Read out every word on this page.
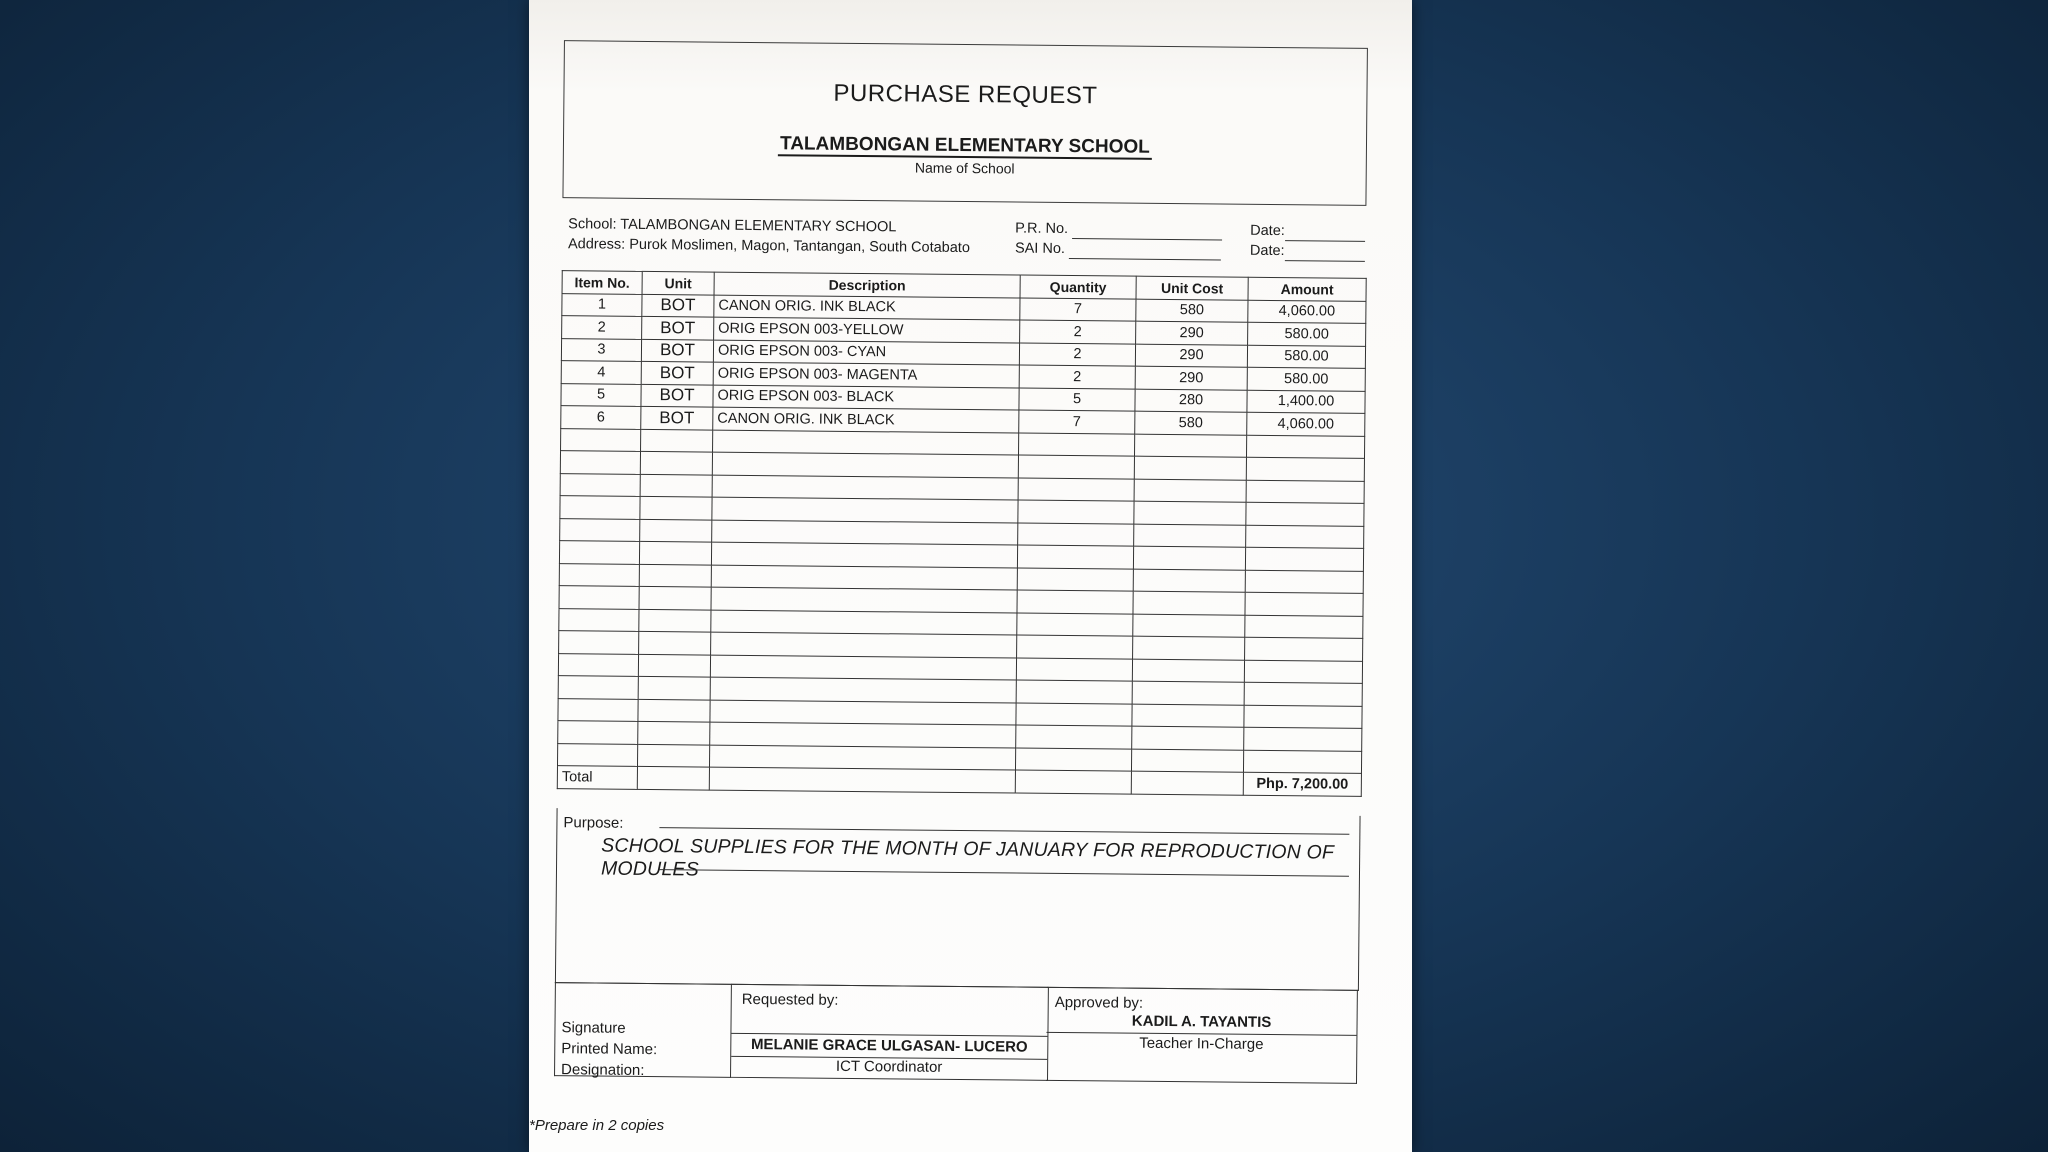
PURCHASE REQUEST
TALAMBONGAN ELEMENTARY SCHOOL
Name of School
School: TALAMBONGAN ELEMENTARY SCHOOL
Address: Purok Moslimen, Magon, Tantangan, South Cotabato
P.R. No.
SAI No.
Date:
Date:
Item No.	Unit	Description	Quantity	Unit Cost	Amount
1	BOT	CANON ORIG. INK BLACK	7	580	4,060.00
2	BOT	ORIG EPSON 003-YELLOW	2	290	580.00
3	BOT	ORIG EPSON 003- CYAN	2	290	580.00
4	BOT	ORIG EPSON 003- MAGENTA	2	290	580.00
5	BOT	ORIG EPSON 003- BLACK	5	280	1,400.00
6	BOT	CANON ORIG. INK BLACK	7	580	4,060.00

Total					Php. 7,200.00
Purpose:
SCHOOL SUPPLIES FOR THE MONTH OF JANUARY FOR REPRODUCTION OF MODULES
Signature
Printed Name:
Designation:
Requested by:
MELANIE GRACE ULGASAN- LUCERO
ICT Coordinator
Approved by:
KADIL A. TAYANTIS
Teacher In-Charge
*Prepare in 2 copies
